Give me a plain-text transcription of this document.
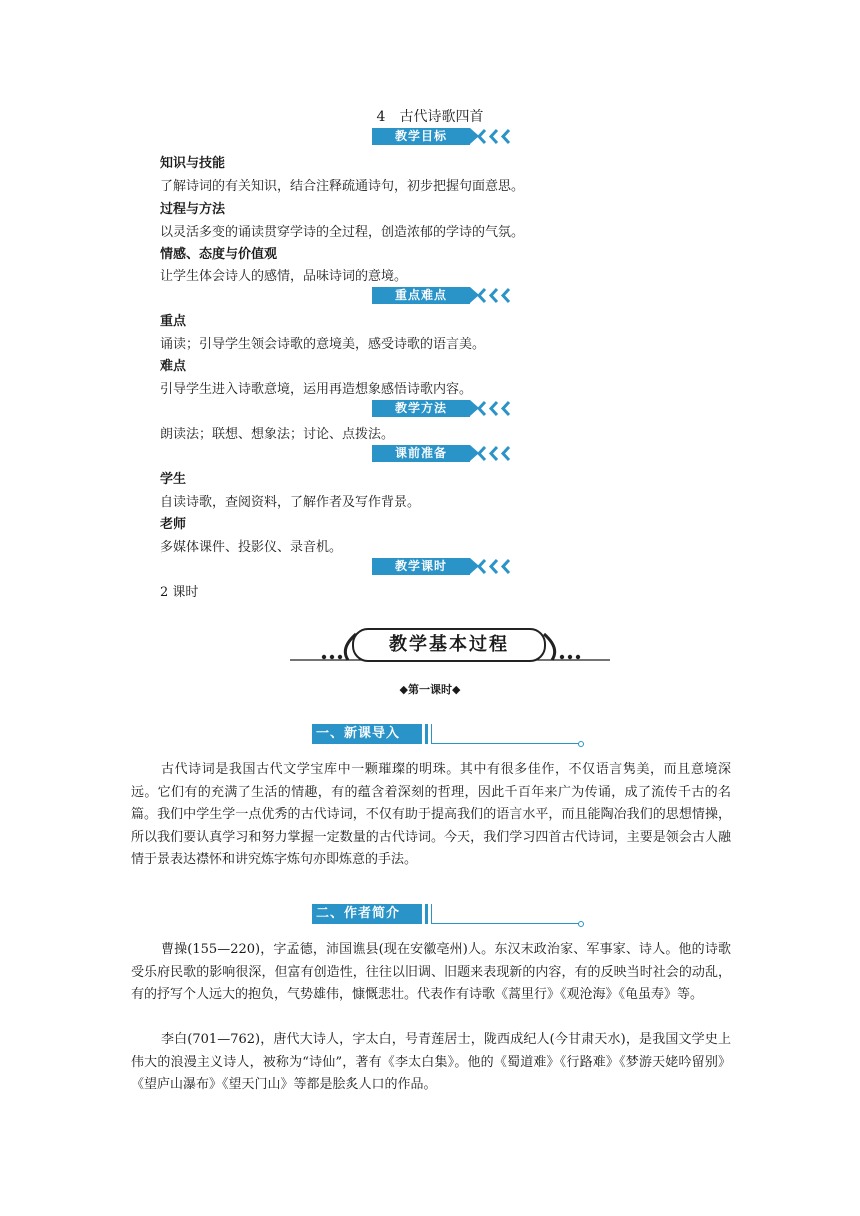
4 古代诗歌四首
教学目标
知识与技能
了解诗词的有关知识，结合注释疏通诗句，初步把握句面意思。
过程与方法
以灵活多变的诵读贯穿学诗的全过程，创造浓郁的学诗的气氛。
情感、态度与价值观
让学生体会诗人的感情，品味诗词的意境。
重点难点
重点
诵读；引导学生领会诗歌的意境美，感受诗歌的语言美。
难点
引导学生进入诗歌意境，运用再造想象感悟诗歌内容。
教学方法
朗读法；联想、想象法；讨论、点拨法。
课前准备
学生
自读诗歌，查阅资料，了解作者及写作背景。
老师
多媒体课件、投影仪、录音机。
教学课时
2 课时
教学基本过程
◆第一课时◆
一、新课导入

古代诗词是我国古代文学宝库中一颗璀璨的明珠。其中有很多佳作，不仅语言隽美，而且意境深远。它们有的充满了生活的情趣，有的蕴含着深刻的哲理，因此千百年来广为传诵，成了流传千古的名篇。我们中学生学一点优秀的古代诗词，不仅有助于提高我们的语言水平，而且能陶冶我们的思想情操，所以我们要认真学习和努力掌握一定数量的古代诗词。今天，我们学习四首古代诗词，主要是领会古人融情于景表达襟怀和讲究炼字炼句亦即炼意的手法。

二、作者简介

曹操(155—220)，字孟德，沛国谯县(现在安徽亳州)人。东汉末政治家、军事家、诗人。他的诗歌受乐府民歌的影响很深，但富有创造性，往往以旧调、旧题来表现新的内容，有的反映当时社会的动乱，有的抒写个人远大的抱负，气势雄伟，慷慨悲壮。代表作有诗歌《蒿里行》《观沧海》《龟虽寿》等。

李白(701—762)，唐代大诗人，字太白，号青莲居士，陇西成纪人(今甘肃天水)，是我国文学史上伟大的浪漫主义诗人，被称为“诗仙”，著有《李太白集》。他的《蜀道难》《行路难》《梦游天姥吟留别》《望庐山瀑布》《望天门山》等都是脍炙人口的作品。
